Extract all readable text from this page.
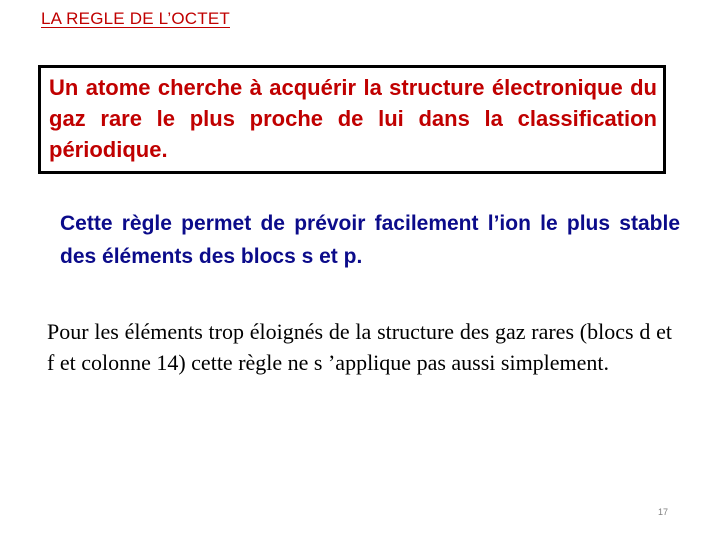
LA REGLE DE L’OCTET
Un atome cherche à acquérir la structure électronique du gaz rare le plus proche de lui dans la classification périodique.
Cette règle permet de prévoir facilement l’ion le plus stable des éléments des blocs s et p.
Pour les éléments trop éloignés de la structure des gaz rares (blocs d et f et colonne 14) cette règle ne s ’applique pas aussi simplement.
17
